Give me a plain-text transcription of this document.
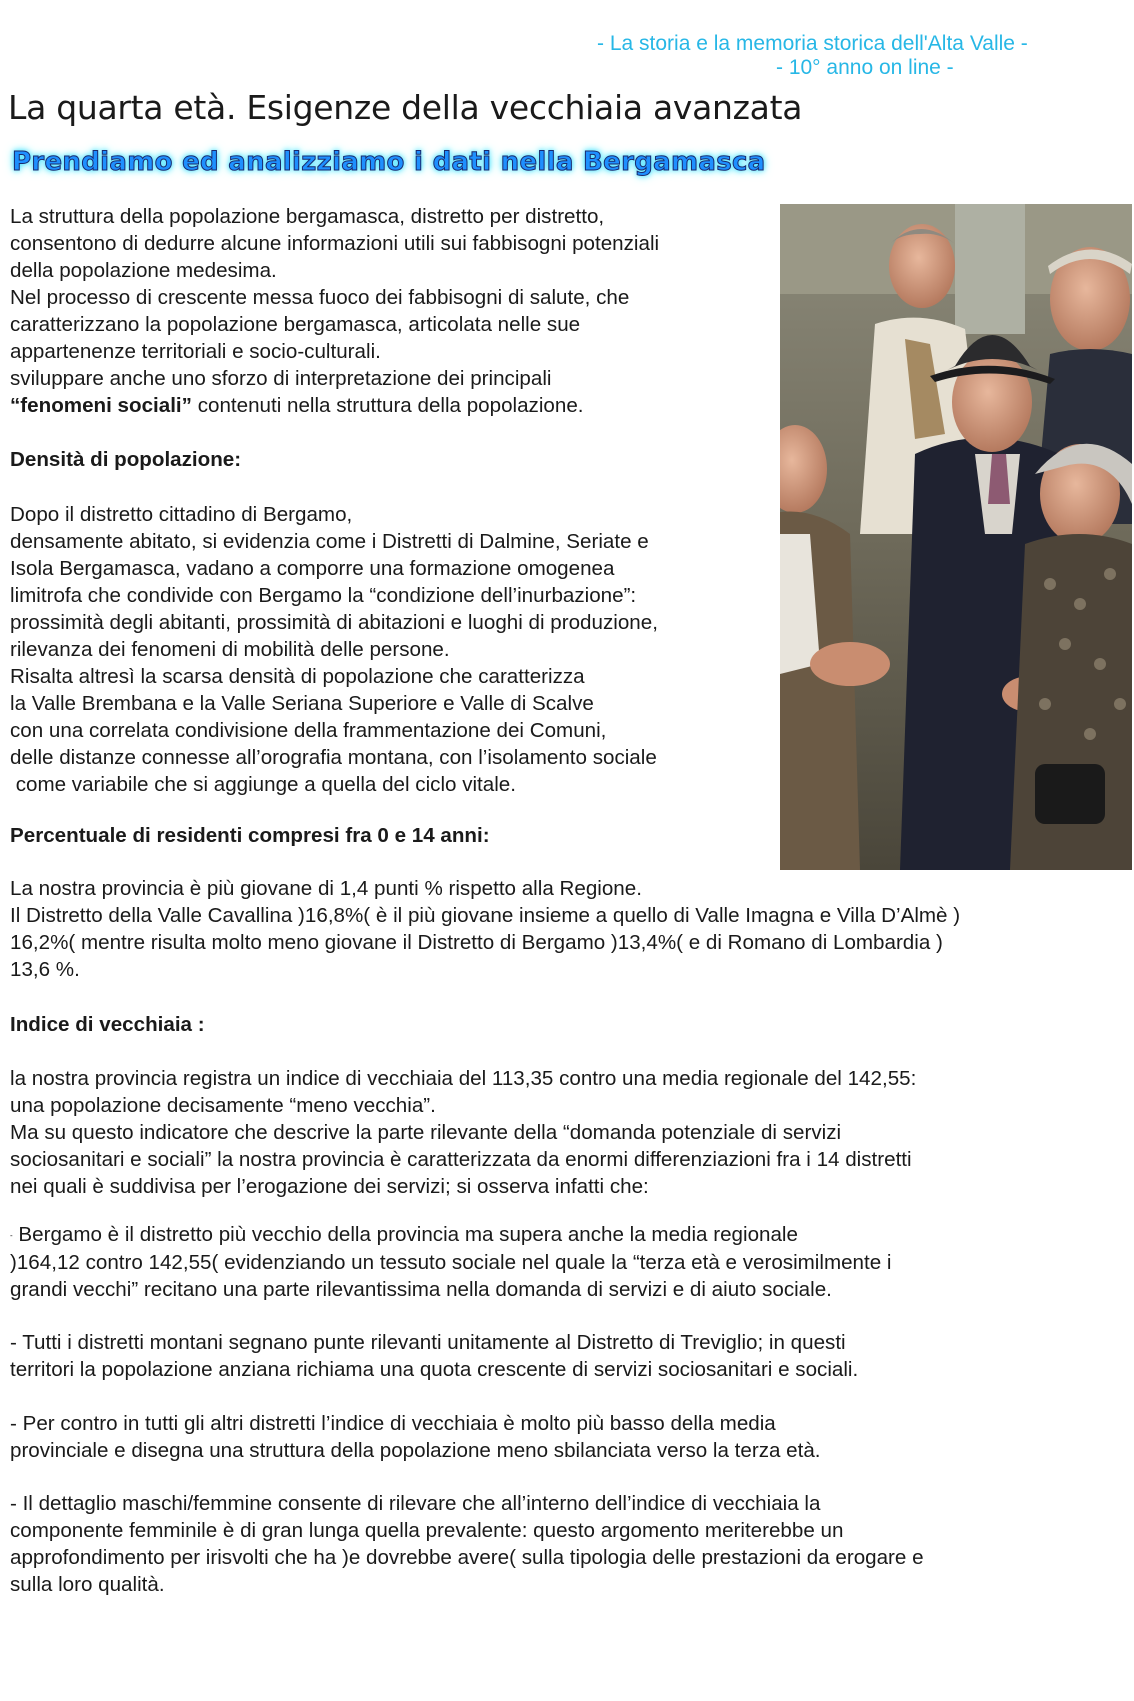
- La storia e la memoria storica dell'Alta Valle -
- 10° anno on line -
La quarta età. Esigenze della vecchiaia avanzata
Prendiamo ed analizziamo i dati nella Bergamasca
La struttura della popolazione bergamasca, distretto per distretto,
consentono di dedurre alcune informazioni utili sui fabbisogni potenziali
della popolazione medesima.
Nel processo di crescente messa fuoco dei fabbisogni di salute, che
caratterizzano la popolazione bergamasca, articolata nelle sue
appartenenze territoriali e socio-culturali.
sviluppare anche uno sforzo di interpretazione dei principali
“fenomeni sociali” contenuti nella struttura della popolazione.
Densità di popolazione:
Dopo il distretto cittadino di Bergamo,
densamente abitato, si evidenzia come i Distretti di Dalmine, Seriate e
Isola Bergamasca, vadano a comporre una formazione omogenea
limitrofa che condivide con Bergamo la “condizione dell’inurbazione”:
prossimità degli abitanti, prossimità di abitazioni e luoghi di produzione,
rilevanza dei fenomeni di mobilità delle persone.
Risalta altresì la scarsa densità di popolazione che caratterizza
la Valle Brembana e la Valle Seriana Superiore e Valle di Scalve
con una correlata condivisione della frammentazione dei Comuni,
delle distanze connesse all’orografia montana, con l’isolamento sociale
come variabile che si aggiunge a quella del ciclo vitale.
Percentuale di residenti compresi fra 0 e 14 anni:
La nostra provincia è più giovane di 1,4 punti % rispetto alla Regione.
Il Distretto della Valle Cavallina )16,8%( è il più giovane insieme a quello di Valle Imagna e Villa D’Almè )
16,2%( mentre risulta molto meno giovane il Distretto di Bergamo )13,4%( e di Romano di Lombardia )
13,6 %.
Indice di vecchiaia :
la nostra provincia registra un indice di vecchiaia del 113,35 contro una media regionale del 142,55:
una popolazione decisamente “meno vecchia”.
Ma su questo indicatore che descrive la parte rilevante della “domanda potenziale di servizi
sociosanitari e sociali” la nostra provincia è caratterizzata da enormi differenziazioni fra i 14 distretti
nei quali è suddivisa per l’erogazione dei servizi; si osserva infatti che:
- Bergamo è il distretto più vecchio della provincia ma supera anche la media regionale
)164,12 contro 142,55( evidenziando un tessuto sociale nel quale la “terza età e verosimilmente i
grandi vecchi” recitano una parte rilevantissima nella domanda di servizi e di aiuto sociale.
- Tutti i distretti montani segnano punte rilevanti unitamente al Distretto di Treviglio; in questi
territori la popolazione anziana richiama una quota crescente di servizi sociosanitari e sociali.
- Per contro in tutti gli altri distretti l’indice di vecchiaia è molto più basso della media
provinciale e disegna una struttura della popolazione meno sbilanciata verso la terza età.
- Il dettaglio maschi/femmine consente di rilevare che all’interno dell’indice di vecchiaia la
componente femminile è di gran lunga quella prevalente: questo argomento meriterebbe un
approfondimento per irisvolti che ha )e dovrebbe avere( sulla tipologia delle prestazioni da erogare e
sulla loro qualità.
